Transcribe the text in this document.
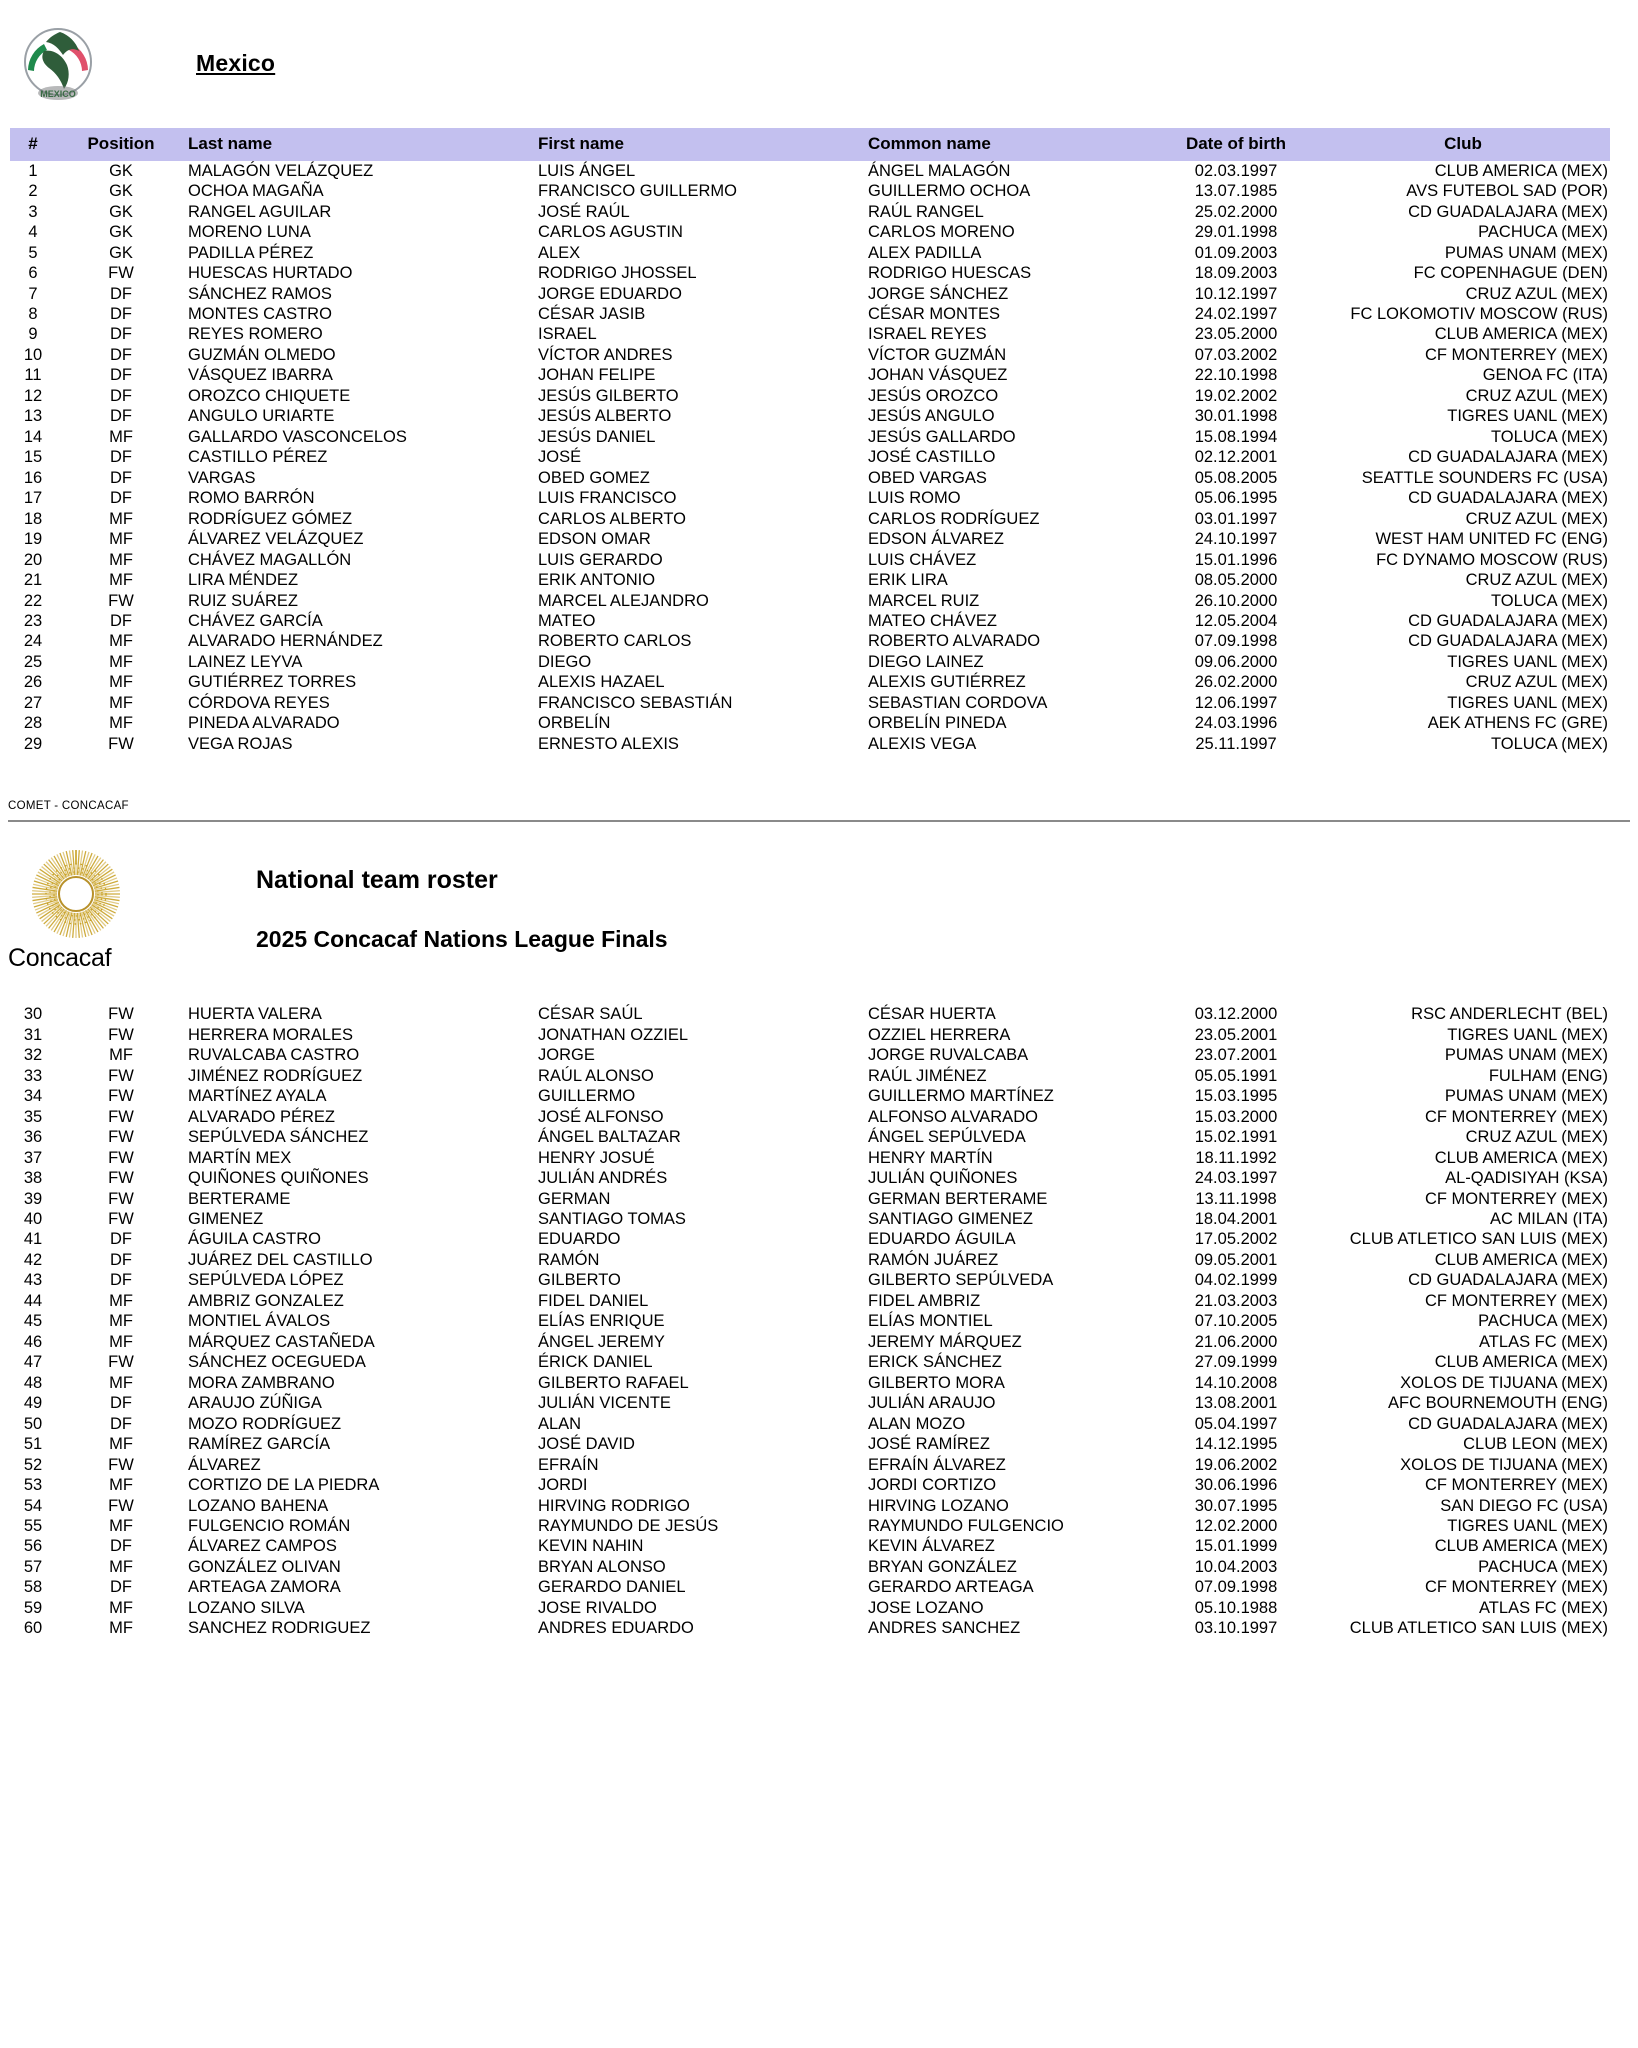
MEXICO
Mexico
#	Position	Last name	First name	Common name	Date of birth	Club
1	GK	MALAGÓN VELÁZQUEZ	LUIS ÁNGEL	ÁNGEL MALAGÓN	02.03.1997	CLUB AMERICA (MEX)
2	GK	OCHOA MAGAÑA	FRANCISCO GUILLERMO	GUILLERMO OCHOA	13.07.1985	AVS FUTEBOL SAD (POR)
3	GK	RANGEL AGUILAR	JOSÉ RAÚL	RAÚL RANGEL	25.02.2000	CD GUADALAJARA (MEX)
4	GK	MORENO LUNA	CARLOS AGUSTIN	CARLOS MORENO	29.01.1998	PACHUCA (MEX)
5	GK	PADILLA PÉREZ	ALEX	ALEX PADILLA	01.09.2003	PUMAS UNAM (MEX)
6	FW	HUESCAS HURTADO	RODRIGO JHOSSEL	RODRIGO HUESCAS	18.09.2003	FC COPENHAGUE (DEN)
7	DF	SÁNCHEZ RAMOS	JORGE EDUARDO	JORGE SÁNCHEZ	10.12.1997	CRUZ AZUL (MEX)
8	DF	MONTES CASTRO	CÉSAR JASIB	CÉSAR MONTES	24.02.1997	FC LOKOMOTIV MOSCOW (RUS)
9	DF	REYES ROMERO	ISRAEL	ISRAEL REYES	23.05.2000	CLUB AMERICA (MEX)
10	DF	GUZMÁN OLMEDO	VÍCTOR ANDRES	VÍCTOR GUZMÁN	07.03.2002	CF MONTERREY (MEX)
11	DF	VÁSQUEZ IBARRA	JOHAN FELIPE	JOHAN VÁSQUEZ	22.10.1998	GENOA FC (ITA)
12	DF	OROZCO CHIQUETE	JESÚS GILBERTO	JESÚS OROZCO	19.02.2002	CRUZ AZUL (MEX)
13	DF	ANGULO URIARTE	JESÚS ALBERTO	JESÚS ANGULO	30.01.1998	TIGRES UANL (MEX)
14	MF	GALLARDO VASCONCELOS	JESÚS DANIEL	JESÚS GALLARDO	15.08.1994	TOLUCA (MEX)
15	DF	CASTILLO PÉREZ	JOSÉ	JOSÉ CASTILLO	02.12.2001	CD GUADALAJARA (MEX)
16	DF	VARGAS	OBED GOMEZ	OBED VARGAS	05.08.2005	SEATTLE SOUNDERS FC (USA)
17	DF	ROMO BARRÓN	LUIS FRANCISCO	LUIS ROMO	05.06.1995	CD GUADALAJARA (MEX)
18	MF	RODRÍGUEZ GÓMEZ	CARLOS ALBERTO	CARLOS RODRÍGUEZ	03.01.1997	CRUZ AZUL (MEX)
19	MF	ÁLVAREZ VELÁZQUEZ	EDSON OMAR	EDSON ÁLVAREZ	24.10.1997	WEST HAM UNITED FC (ENG)
20	MF	CHÁVEZ MAGALLÓN	LUIS GERARDO	LUIS CHÁVEZ	15.01.1996	FC DYNAMO MOSCOW (RUS)
21	MF	LIRA MÉNDEZ	ERIK ANTONIO	ERIK LIRA	08.05.2000	CRUZ AZUL (MEX)
22	FW	RUIZ SUÁREZ	MARCEL ALEJANDRO	MARCEL RUIZ	26.10.2000	TOLUCA (MEX)
23	DF	CHÁVEZ GARCÍA	MATEO	MATEO CHÁVEZ	12.05.2004	CD GUADALAJARA (MEX)
24	MF	ALVARADO HERNÁNDEZ	ROBERTO CARLOS	ROBERTO ALVARADO	07.09.1998	CD GUADALAJARA (MEX)
25	MF	LAINEZ LEYVA	DIEGO	DIEGO LAINEZ	09.06.2000	TIGRES UANL (MEX)
26	MF	GUTIÉRREZ TORRES	ALEXIS HAZAEL	ALEXIS GUTIÉRREZ	26.02.2000	CRUZ AZUL (MEX)
27	MF	CÓRDOVA REYES	FRANCISCO SEBASTIÁN	SEBASTIAN CORDOVA	12.06.1997	TIGRES UANL (MEX)
28	MF	PINEDA ALVARADO	ORBELÍN	ORBELÍN PINEDA	24.03.1996	AEK ATHENS FC (GRE)
29	FW	VEGA ROJAS	ERNESTO ALEXIS	ALEXIS VEGA	25.11.1997	TOLUCA (MEX)
COMET - CONCACAF
Concacaf
National team roster
2025 Concacaf Nations League Finals
30	FW	HUERTA VALERA	CÉSAR SAÚL	CÉSAR HUERTA	03.12.2000	RSC ANDERLECHT (BEL)
31	FW	HERRERA MORALES	JONATHAN OZZIEL	OZZIEL HERRERA	23.05.2001	TIGRES UANL (MEX)
32	MF	RUVALCABA CASTRO	JORGE	JORGE RUVALCABA	23.07.2001	PUMAS UNAM (MEX)
33	FW	JIMÉNEZ RODRÍGUEZ	RAÚL ALONSO	RAÚL JIMÉNEZ	05.05.1991	FULHAM (ENG)
34	FW	MARTÍNEZ AYALA	GUILLERMO	GUILLERMO MARTÍNEZ	15.03.1995	PUMAS UNAM (MEX)
35	FW	ALVARADO PÉREZ	JOSÉ ALFONSO	ALFONSO ALVARADO	15.03.2000	CF MONTERREY (MEX)
36	FW	SEPÚLVEDA SÁNCHEZ	ÁNGEL BALTAZAR	ÁNGEL SEPÚLVEDA	15.02.1991	CRUZ AZUL (MEX)
37	FW	MARTÍN MEX	HENRY JOSUÉ	HENRY MARTÍN	18.11.1992	CLUB AMERICA (MEX)
38	FW	QUIÑONES QUIÑONES	JULIÁN ANDRÉS	JULIÁN QUIÑONES	24.03.1997	AL-QADISIYAH (KSA)
39	FW	BERTERAME	GERMAN	GERMAN BERTERAME	13.11.1998	CF MONTERREY (MEX)
40	FW	GIMENEZ	SANTIAGO TOMAS	SANTIAGO GIMENEZ	18.04.2001	AC MILAN (ITA)
41	DF	ÁGUILA CASTRO	EDUARDO	EDUARDO ÁGUILA	17.05.2002	CLUB ATLETICO SAN LUIS (MEX)
42	DF	JUÁREZ DEL CASTILLO	RAMÓN	RAMÓN JUÁREZ	09.05.2001	CLUB AMERICA (MEX)
43	DF	SEPÚLVEDA LÓPEZ	GILBERTO	GILBERTO SEPÚLVEDA	04.02.1999	CD GUADALAJARA (MEX)
44	MF	AMBRIZ GONZALEZ	FIDEL DANIEL	FIDEL AMBRIZ	21.03.2003	CF MONTERREY (MEX)
45	MF	MONTIEL ÁVALOS	ELÍAS ENRIQUE	ELÍAS MONTIEL	07.10.2005	PACHUCA (MEX)
46	MF	MÁRQUEZ CASTAÑEDA	ÁNGEL JEREMY	JEREMY MÁRQUEZ	21.06.2000	ATLAS FC (MEX)
47	FW	SÁNCHEZ OCEGUEDA	ÉRICK DANIEL	ERICK SÁNCHEZ	27.09.1999	CLUB AMERICA (MEX)
48	MF	MORA ZAMBRANO	GILBERTO RAFAEL	GILBERTO MORA	14.10.2008	XOLOS DE TIJUANA (MEX)
49	DF	ARAUJO ZÚÑIGA	JULIÁN VICENTE	JULIÁN ARAUJO	13.08.2001	AFC BOURNEMOUTH (ENG)
50	DF	MOZO RODRÍGUEZ	ALAN	ALAN MOZO	05.04.1997	CD GUADALAJARA (MEX)
51	MF	RAMÍREZ GARCÍA	JOSÉ DAVID	JOSÉ RAMÍREZ	14.12.1995	CLUB LEON (MEX)
52	FW	ÁLVAREZ	EFRAÍN	EFRAÍN ÁLVAREZ	19.06.2002	XOLOS DE TIJUANA (MEX)
53	MF	CORTIZO DE LA PIEDRA	JORDI	JORDI CORTIZO	30.06.1996	CF MONTERREY (MEX)
54	FW	LOZANO BAHENA	HIRVING RODRIGO	HIRVING LOZANO	30.07.1995	SAN DIEGO FC (USA)
55	MF	FULGENCIO ROMÁN	RAYMUNDO DE JESÚS	RAYMUNDO FULGENCIO	12.02.2000	TIGRES UANL (MEX)
56	DF	ÁLVAREZ CAMPOS	KEVIN NAHIN	KEVIN ÁLVAREZ	15.01.1999	CLUB AMERICA (MEX)
57	MF	GONZÁLEZ OLIVAN	BRYAN ALONSO	BRYAN GONZÁLEZ	10.04.2003	PACHUCA (MEX)
58	DF	ARTEAGA ZAMORA	GERARDO DANIEL	GERARDO ARTEAGA	07.09.1998	CF MONTERREY (MEX)
59	MF	LOZANO SILVA	JOSE RIVALDO	JOSE LOZANO	05.10.1988	ATLAS FC (MEX)
60	MF	SANCHEZ RODRIGUEZ	ANDRES EDUARDO	ANDRES SANCHEZ	03.10.1997	CLUB ATLETICO SAN LUIS (MEX)
